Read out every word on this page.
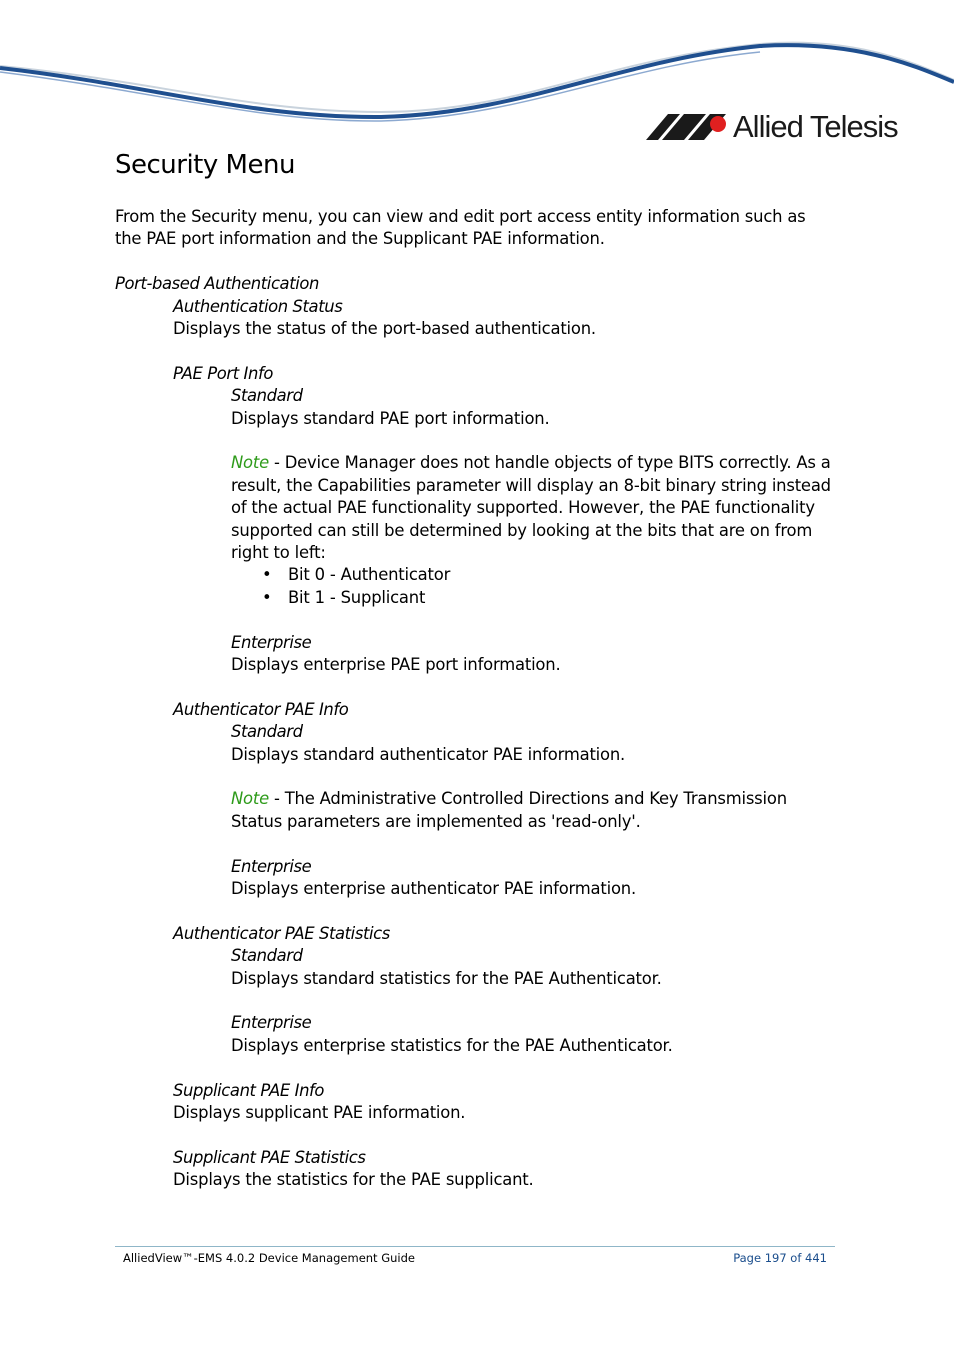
Allied Telesis
Security Menu

From the Security menu, you can view and edit port access entity information such as the PAE port information and the Supplicant PAE information.

Port-based Authentication

Authentication Status

Displays the status of the port-based authentication.

PAE Port Info

Standard

Displays standard PAE port information.

Note - Device Manager does not handle objects of type BITS correctly. As a result, the Capabilities parameter will display an 8-bit binary string instead of the actual PAE functionality supported. However, the PAE functionality supported can still be determined by looking at the bits that are on from right to left:

• Bit 0 - Authenticator
• Bit 1 - Supplicant

Enterprise

Displays enterprise PAE port information.

Authenticator PAE Info

Standard

Displays standard authenticator PAE information.

Note - The Administrative Controlled Directions and Key Transmission Status parameters are implemented as 'read-only'.

Enterprise

Displays enterprise authenticator PAE information.

Authenticator PAE Statistics

Standard

Displays standard statistics for the PAE Authenticator.

Enterprise

Displays enterprise statistics for the PAE Authenticator.

Supplicant PAE Info

Displays supplicant PAE information.

Supplicant PAE Statistics

Displays the statistics for the PAE supplicant.

AlliedView™-EMS 4.0.2 Device Management Guide	Page 197 of 441
